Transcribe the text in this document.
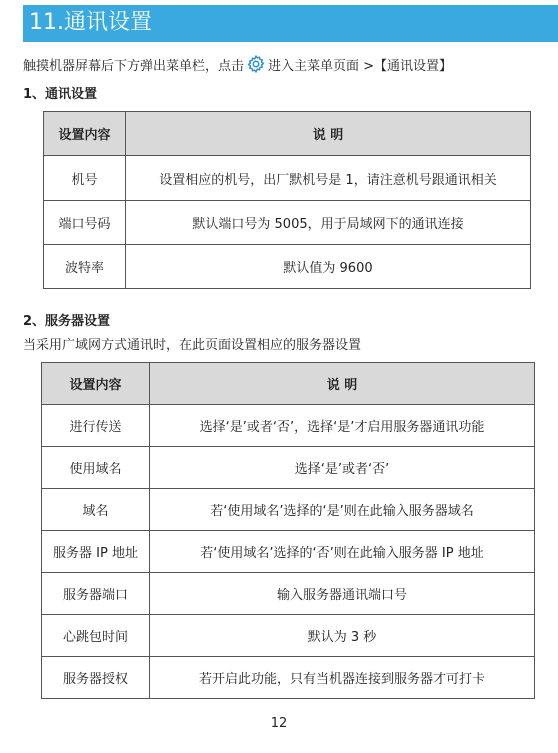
11.通讯设置
触摸机器屏幕后下方弹出菜单栏，点击 进入主菜单页面 >【通讯设置】
1、通讯设置
设置内容	说 明
机号	设置相应的机号，出厂默机号是 1，请注意机号跟通讯相关
端口号码	默认端口号为 5005，用于局域网下的通讯连接
波特率	默认值为 9600
2、服务器设置
当采用广域网方式通讯时，在此页面设置相应的服务器设置
设置内容	说 明
进行传送	选择‘是’或者‘否’，选择‘是’才启用服务器通讯功能
使用域名	选择‘是’或者‘否’
域名	若‘使用域名’选择的‘是’则在此输入服务器域名
服务器 IP 地址	若‘使用域名’选择的‘否’则在此输入服务器 IP 地址
服务器端口	输入服务器通讯端口号
心跳包时间	默认为 3 秒
服务器授权	若开启此功能，只有当机器连接到服务器才可打卡
12
